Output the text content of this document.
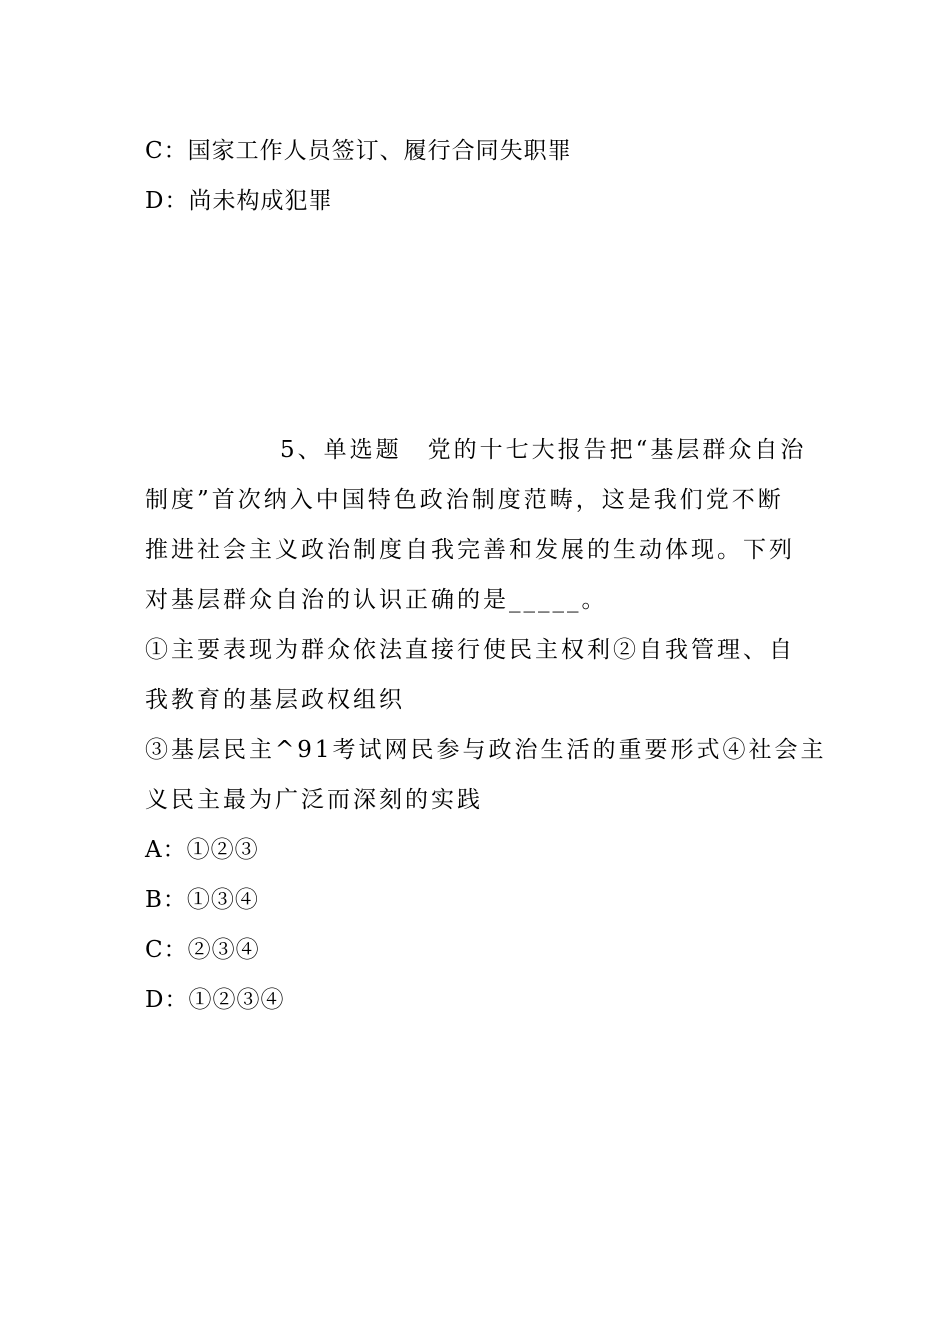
C：国家工作人员签订、履行合同失职罪
D：尚未构成犯罪
5、单选题　党的十七大报告把“基层群众自治
制度”首次纳入中国特色政治制度范畴，这是我们党不断
推进社会主义政治制度自我完善和发展的生动体现。下列
对基层群众自治的认识正确的是_____。
①主要表现为群众依法直接行使民主权利②自我管理、自
我教育的基层政权组织
③基层民主^91考试网民参与政治生活的重要形式④社会主
义民主最为广泛而深刻的实践
A：①②③
B：①③④
C：②③④
D：①②③④
